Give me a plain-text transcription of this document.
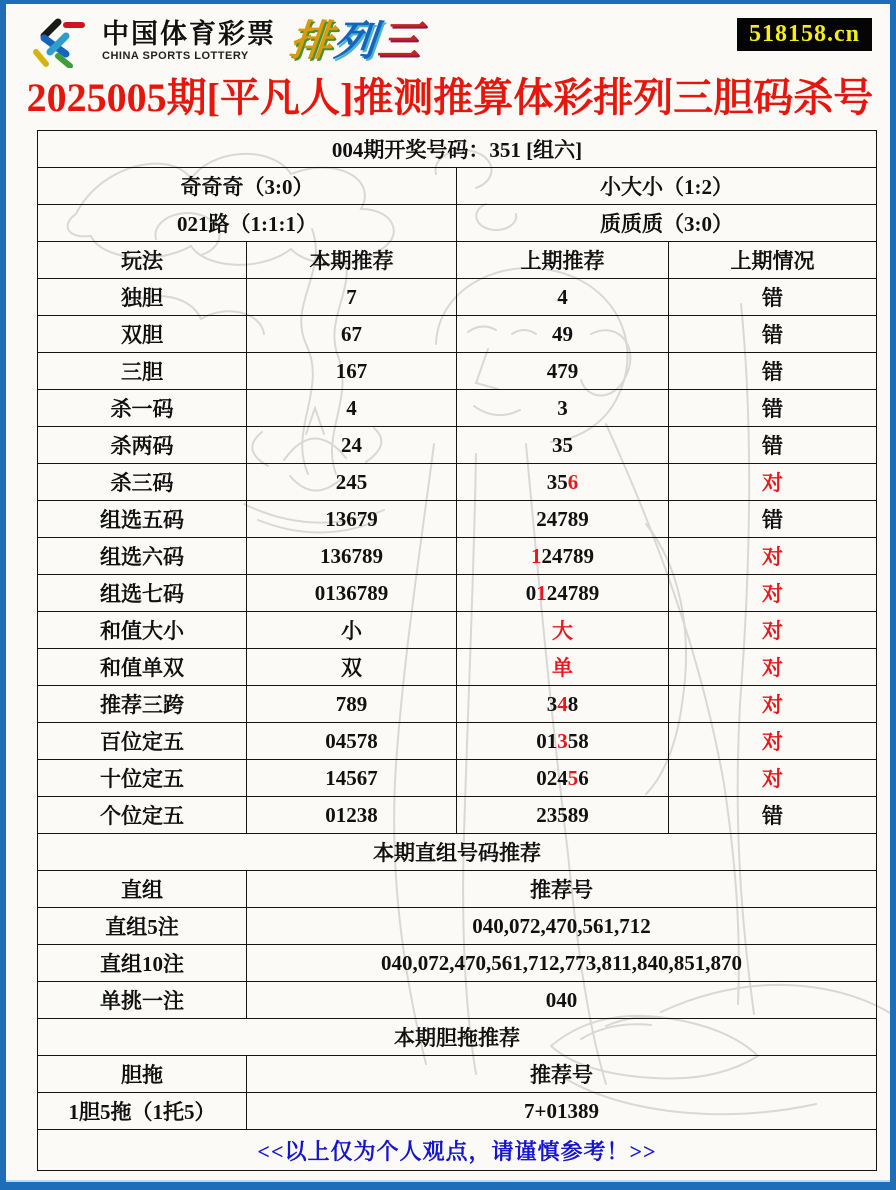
中国体育彩票
CHINA SPORTS LOTTERY 排列三	518158.cn
2025005期[平凡人]推测推算体彩排列三胆码杀号
004期开奖号码：351 [组六]			
奇奇奇（3:0）		小大小（1:2）	
021路（1:1:1）		质质质（3:0）	
玩法	本期推荐	上期推荐	上期情况
独胆	7	4	错
双胆	67	49	错
三胆	167	479	错
杀一码	4	3	错
杀两码	24	35	错
杀三码	245	356	对
组选五码	13679	24789	错
组选六码	136789	124789	对
组选七码	0136789	0124789	对
和值大小	小	大	对
和值单双	双	单	对
推荐三跨	789	348	对
百位定五	04578	01358	对
十位定五	14567	02456	对
个位定五	01238	23589	错
本期直组号码推荐			
直组	推荐号		
直组5注	040,072,470,561,712		
直组10注	040,072,470,561,712,773,811,840,851,870		
单挑一注	040		
本期胆拖推荐			
胆拖	推荐号		
1胆5拖（1托5）	7+01389		
<<以上仅为个人观点，请谨慎参考！>>			
